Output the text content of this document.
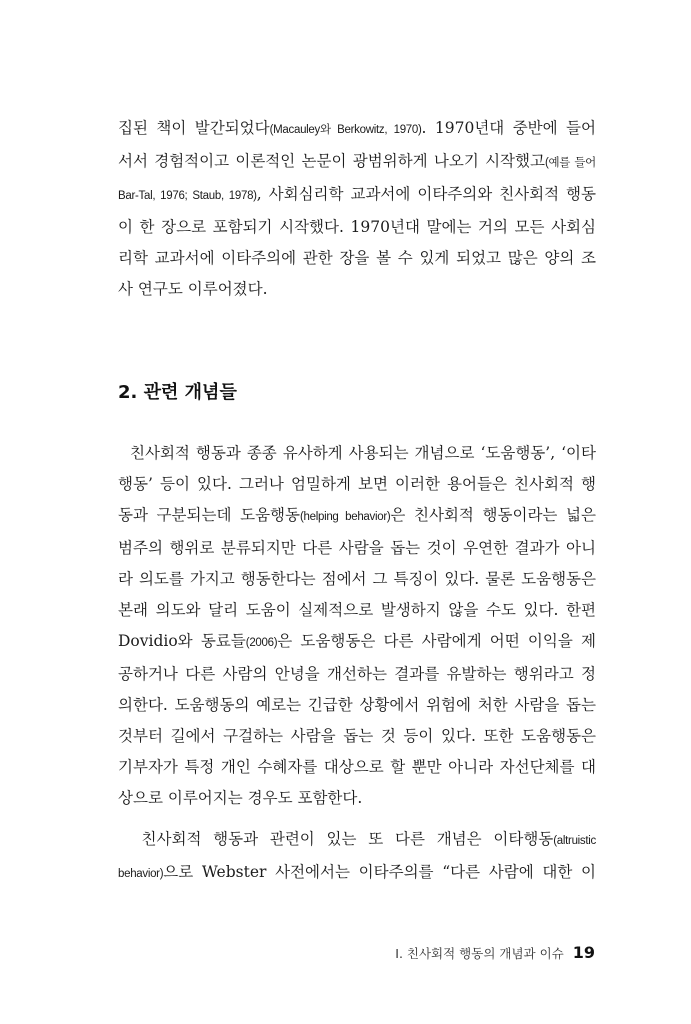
집된 책이 발간되었다(Macauley와 Berkowitz, 1970). 1970년대 중반에 들어
서서 경험적이고 이론적인 논문이 광범위하게 나오기 시작했고(예를 들어
Bar-Tal, 1976; Staub, 1978), 사회심리학 교과서에 이타주의와 친사회적 행동
이 한 장으로 포함되기 시작했다. 1970년대 말에는 거의 모든 사회심
리학 교과서에 이타주의에 관한 장을 볼 수 있게 되었고 많은 양의 조
사 연구도 이루어졌다.

2. 관련 개념들

친사회적 행동과 종종 유사하게 사용되는 개념으로 ‘도움행동’, ‘이타
행동’ 등이 있다. 그러나 엄밀하게 보면 이러한 용어들은 친사회적 행
동과 구분되는데 도움행동(helping behavior)은 친사회적 행동이라는 넓은
범주의 행위로 분류되지만 다른 사람을 돕는 것이 우연한 결과가 아니
라 의도를 가지고 행동한다는 점에서 그 특징이 있다. 물론 도움행동은
본래 의도와 달리 도움이 실제적으로 발생하지 않을 수도 있다. 한편
Dovidio와 동료들(2006)은 도움행동은 다른 사람에게 어떤 이익을 제
공하거나 다른 사람의 안녕을 개선하는 결과를 유발하는 행위라고 정
의한다. 도움행동의 예로는 긴급한 상황에서 위험에 처한 사람을 돕는
것부터 길에서 구걸하는 사람을 돕는 것 등이 있다. 또한 도움행동은
기부자가 특정 개인 수혜자를 대상으로 할 뿐만 아니라 자선단체를 대
상으로 이루어지는 경우도 포함한다.

친사회적 행동과 관련이 있는 또 다른 개념은 이타행동(altruistic
behavior)으로 Webster 사전에서는 이타주의를 “다른 사람에 대한 이

I. 친사회적 행동의 개념과 이슈 19
